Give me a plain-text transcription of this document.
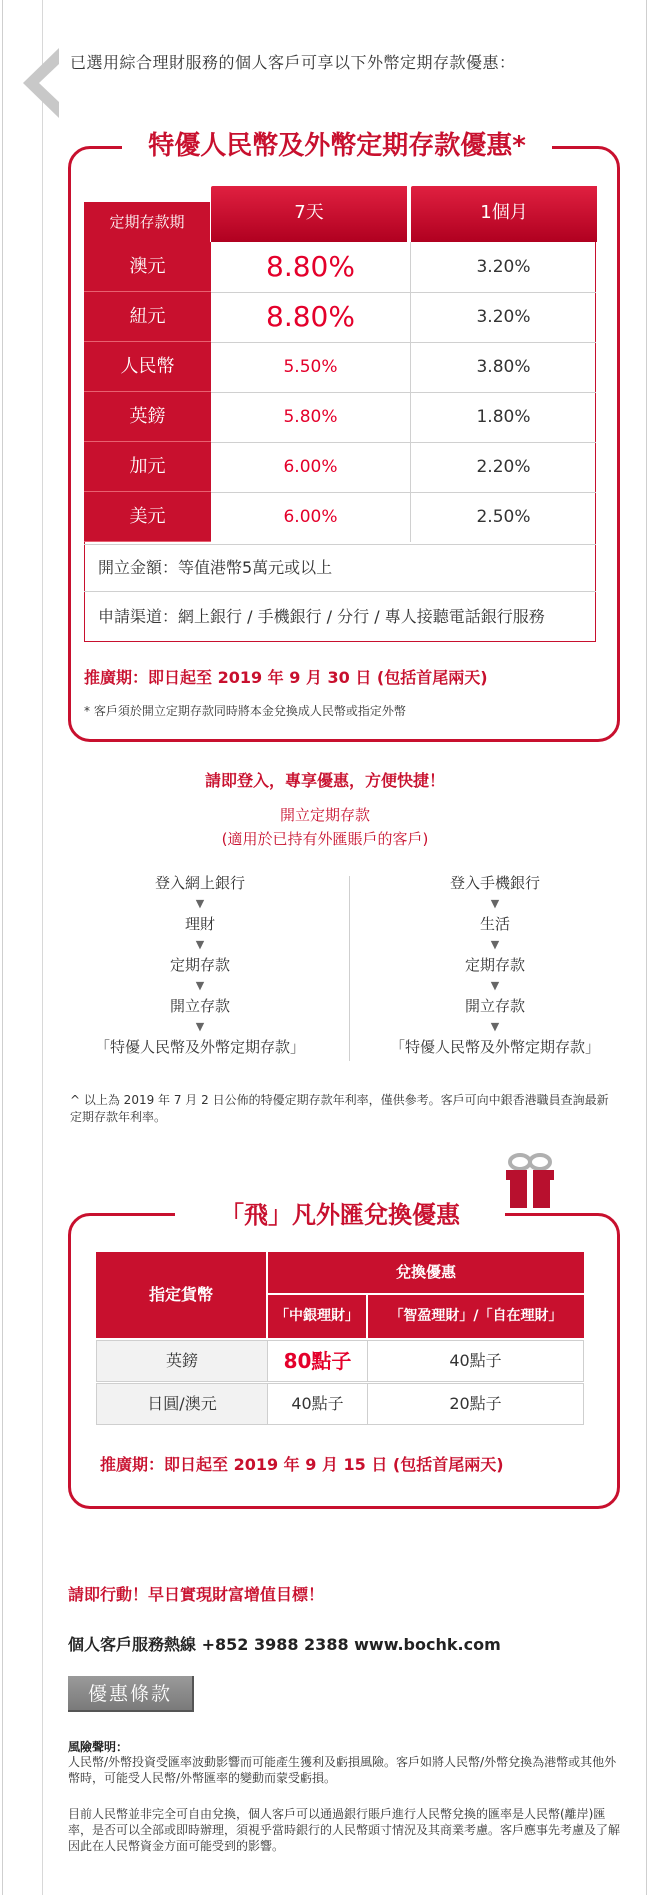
已選用綜合理財服務的個人客戶可享以下外幣定期存款優惠：
特優人民幣及外幣定期存款優惠*
定期存款期	7天	1個月
澳元	8.80%	3.20%
紐元	8.80%	3.20%
人民幣	5.50%	3.80%
英鎊	5.80%	1.80%
加元	6.00%	2.20%
美元	6.00%	2.50%
開立金額：等值港幣5萬元或以上
申請渠道：網上銀行 / 手機銀行 / 分行 / 專人接聽電話銀行服務
推廣期：即日起至 2019 年 9 月 30 日 (包括首尾兩天)
* 客戶須於開立定期存款同時將本金兌換成人民幣或指定外幣
請即登入，專享優惠，方便快捷！
開立定期存款
(適用於已持有外匯賬戶的客戶)
登入網上銀行
▼
理財
▼
定期存款
▼
開立存款
▼
「特優人民幣及外幣定期存款」
登入手機銀行
▼
生活
▼
定期存款
▼
開立存款
▼
「特優人民幣及外幣定期存款」
^ 以上為 2019 年 7 月 2 日公佈的特優定期存款年利率，僅供參考。客戶可向中銀香港職員查詢最新定期存款年利率。
「飛」凡外匯兌換優惠
指定貨幣
兌換優惠
「中銀理財」	「智盈理財」/「自在理財」
英鎊	80點子	40點子
日圓/澳元	40點子	20點子
推廣期：即日起至 2019 年 9 月 15 日 (包括首尾兩天)
請即行動！早日實現財富增值目標！
個人客戶服務熱線 +852 3988 2388 www.bochk.com
優惠條款
風險聲明：
人民幣/外幣投資受匯率波動影響而可能產生獲利及虧損風險。客戶如將人民幣/外幣兌換為港幣或其他外幣時，可能受人民幣/外幣匯率的變動而蒙受虧損。
目前人民幣並非完全可自由兌換，個人客戶可以通過銀行賬戶進行人民幣兌換的匯率是人民幣(離岸)匯率，是否可以全部或即時辦理，須視乎當時銀行的人民幣頭寸情況及其商業考慮。客戶應事先考慮及了解因此在人民幣資金方面可能受到的影響。
